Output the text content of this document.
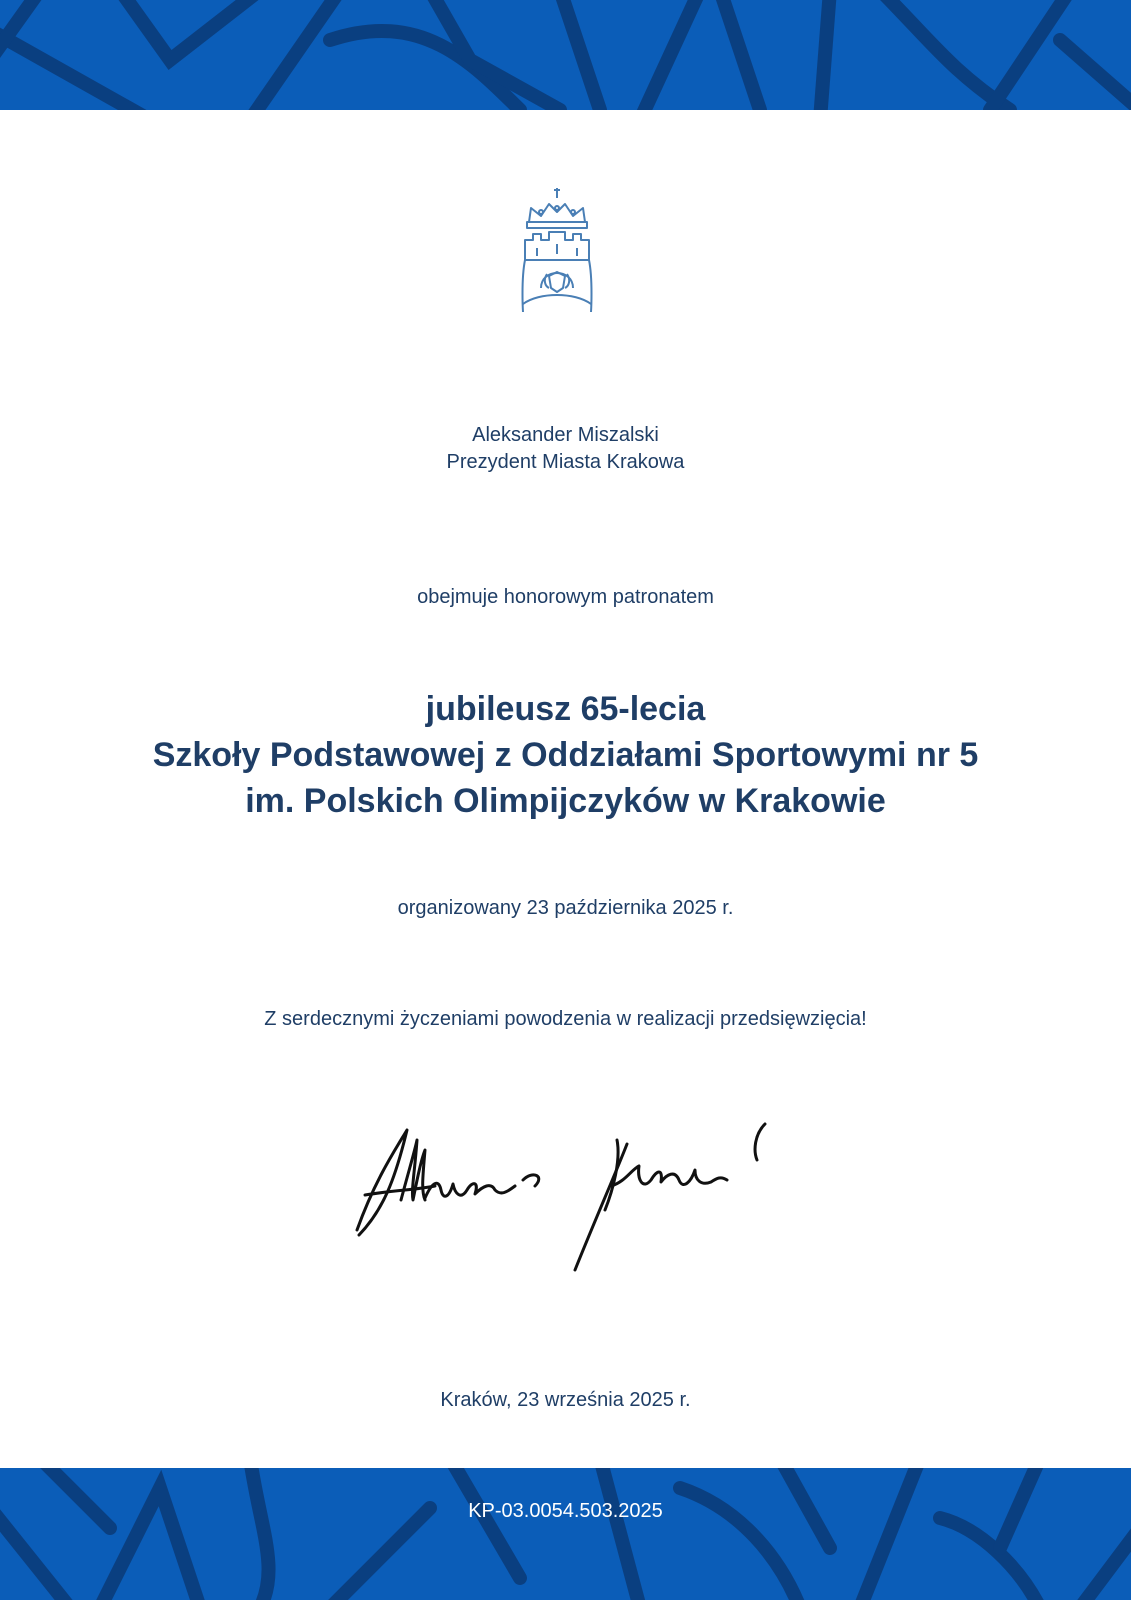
Aleksander Miszalski
Prezydent Miasta Krakowa
obejmuje honorowym patronatem
jubileusz 65-lecia
Szkoły Podstawowej z Oddziałami Sportowymi nr 5
im. Polskich Olimpijczyków w Krakowie
organizowany 23 października 2025 r.
Z serdecznymi życzeniami powodzenia w realizacji przedsięwzięcia!
Kraków, 23 września 2025 r.
KP-03.0054.503.2025
